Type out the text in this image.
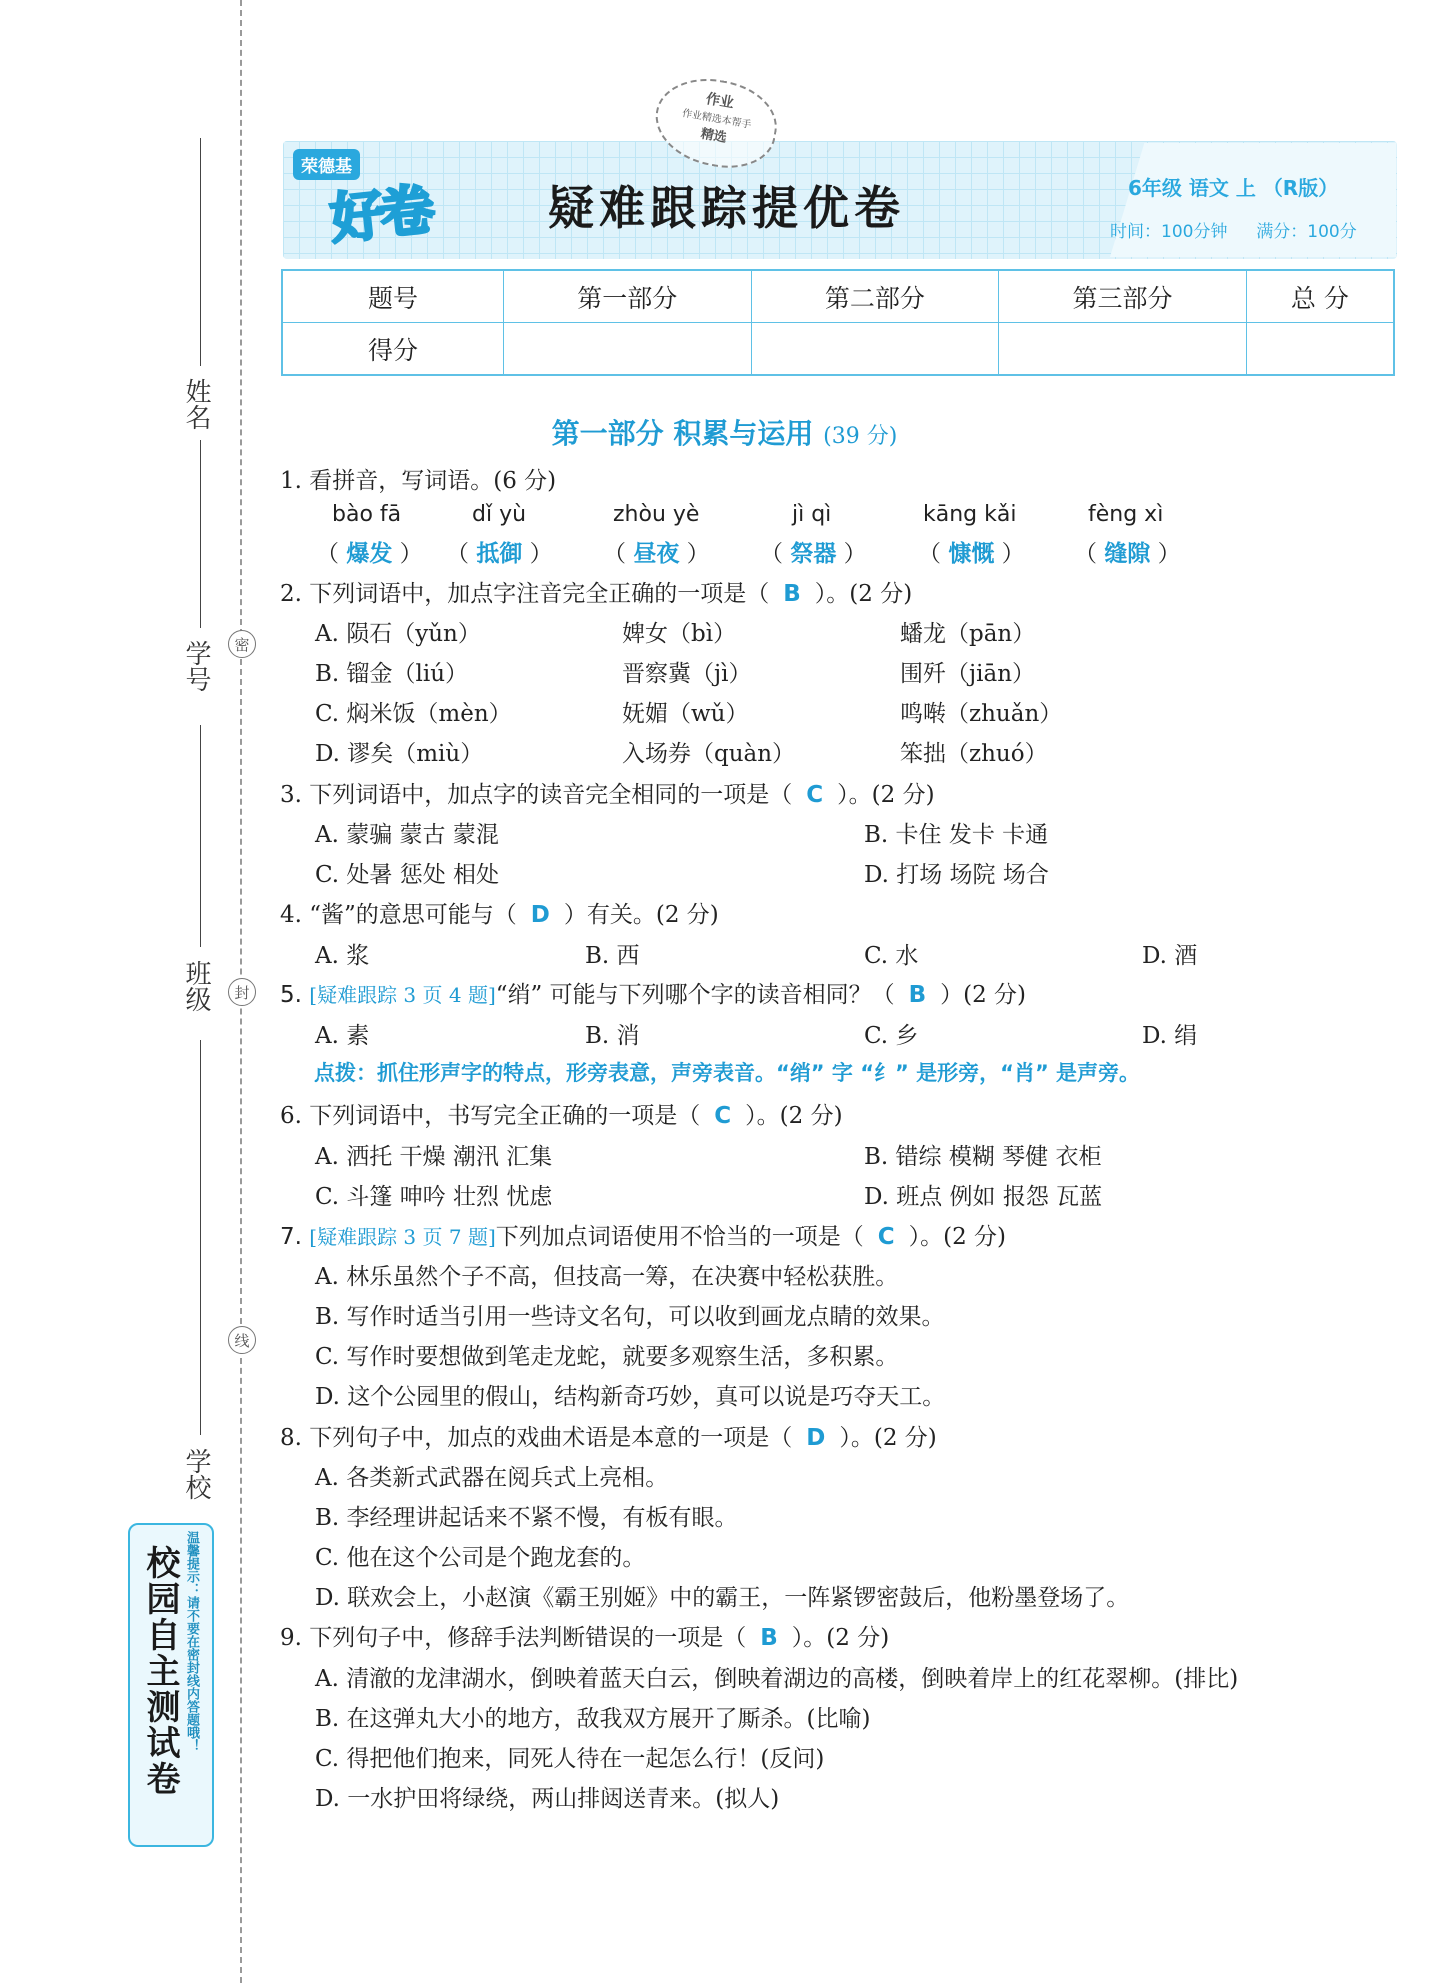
姓名
学号
班级
学校
密
封
线
校园自主测试卷 温馨提示：请不要在密封线内答题哦！
荣德基
好卷 疑难跟踪提优卷	6年级 语文 上 （R版）
时间：100分钟 满分：100分
作业
作业精选本帮手
精选
题号	第一部分	第二部分	第三部分	总 分
得分				
第一部分 积累与运用 (39 分)
1. 看拼音，写词语。(6 分)
bào fā	dǐ yù	zhòu yè	jì qì	kāng kǎi	fèng xì
（ 爆发 ） （ 抵御 ） （ 昼夜 ） （ 祭器 ） （ 慷慨 ） （ 缝隙 ）
2. 下列词语中，加点字注音完全正确的一项是（ B ）。(2 分)
A. 陨石（yǔn）	婢女（bì）	蟠龙（pān）
B. 镏金（liú）	晋察冀（jì）	围歼（jiān）
C. 焖米饭（mèn）	妩媚（wǔ）	鸣啭（zhuǎn）
D. 谬矣（miù）	入场券（quàn）	笨拙（zhuó）
3. 下列词语中，加点字的读音完全相同的一项是（ C ）。(2 分)
A. 蒙骗 蒙古 蒙混	B. 卡住 发卡 卡通
C. 处暑 惩处 相处	D. 打场 场院 场合
4. “酱”的意思可能与（ D ）有关。(2 分)
A. 浆	B. 西	C. 水	D. 酒
5. [疑难跟踪 3 页 4 题]“绡” 可能与下列哪个字的读音相同？（ B ）(2 分)
A. 素	B. 消	C. 乡	D. 绢
点拨：抓住形声字的特点，形旁表意，声旁表音。“绡” 字 “纟” 是形旁，“肖” 是声旁。
6. 下列词语中，书写完全正确的一项是（ C ）。(2 分)
A. 洒托 干燥 潮汛 汇集	B. 错综 模糊 琴健 衣柜
C. 斗篷 呻吟 壮烈 忧虑	D. 班点 例如 报怨 瓦蓝
7. [疑难跟踪 3 页 7 题]下列加点词语使用不恰当的一项是（ C ）。(2 分)
A. 林乐虽然个子不高，但技高一筹，在决赛中轻松获胜。
B. 写作时适当引用一些诗文名句，可以收到画龙点睛的效果。
C. 写作时要想做到笔走龙蛇，就要多观察生活，多积累。
D. 这个公园里的假山，结构新奇巧妙，真可以说是巧夺天工。
8. 下列句子中，加点的戏曲术语是本意的一项是（ D ）。(2 分)
A. 各类新式武器在阅兵式上亮相。
B. 李经理讲起话来不紧不慢，有板有眼。
C. 他在这个公司是个跑龙套的。
D. 联欢会上，小赵演《霸王别姬》中的霸王，一阵紧锣密鼓后，他粉墨登场了。
9. 下列句子中，修辞手法判断错误的一项是（ B ）。(2 分)
A. 清澈的龙津湖水，倒映着蓝天白云，倒映着湖边的高楼，倒映着岸上的红花翠柳。(排比)
B. 在这弹丸大小的地方，敌我双方展开了厮杀。(比喻)
C. 得把他们抱来，同死人待在一起怎么行！(反问)
D. 一水护田将绿绕，两山排闼送青来。(拟人)
